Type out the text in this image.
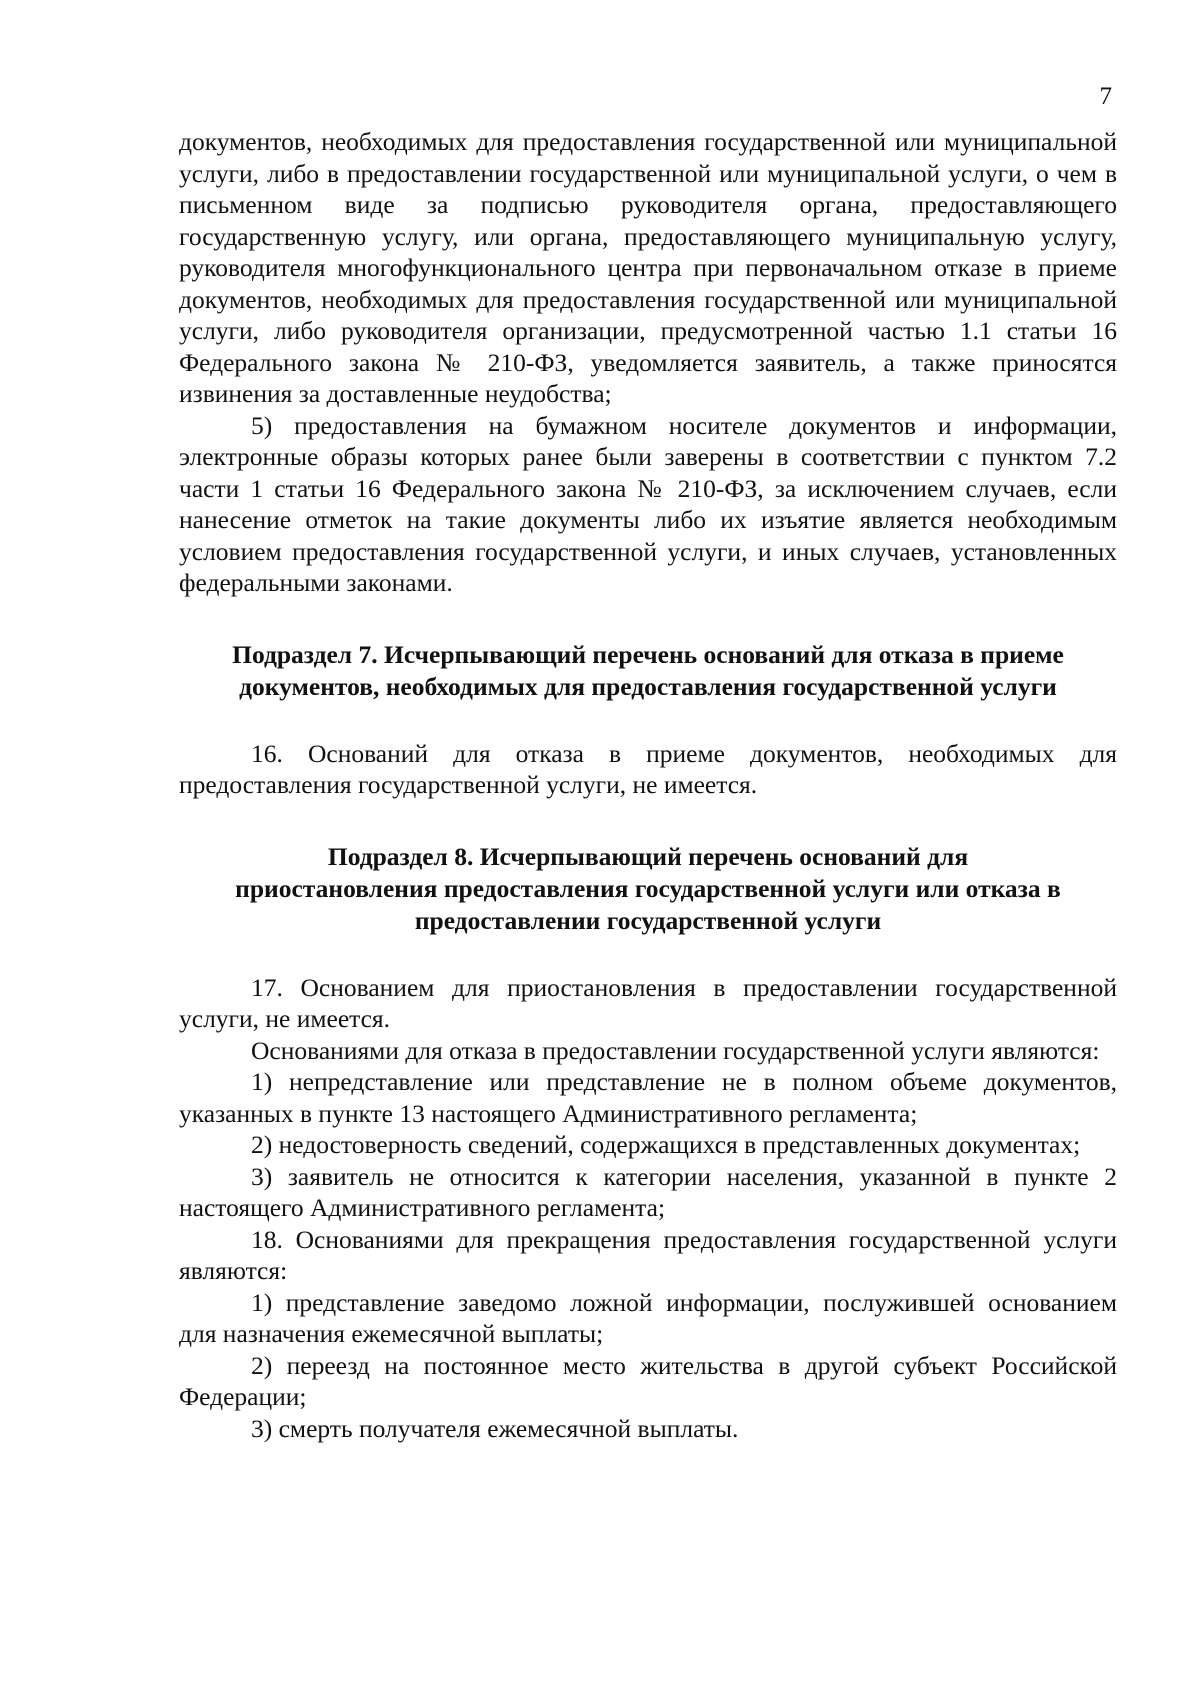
7

документов, необходимых для предоставления государственной или муниципальной услуги, либо в предоставлении государственной или муниципальной услуги, о чем в письменном виде за подписью руководителя органа, предоставляющего государственную услугу, или органа, предоставляющего муниципальную услугу, руководителя многофункционального центра при первоначальном отказе в приеме документов, необходимых для предоставления государственной или муниципальной услуги, либо руководителя организации, предусмотренной частью 1.1 статьи 16 Федерального закона № 210-ФЗ, уведомляется заявитель, а также приносятся извинения за доставленные неудобства;

5) предоставления на бумажном носителе документов и информации, электронные образы которых ранее были заверены в соответствии с пунктом 7.2 части 1 статьи 16 Федерального закона № 210-ФЗ, за исключением случаев, если нанесение отметок на такие документы либо их изъятие является необходимым условием предоставления государственной услуги, и иных случаев, установленных федеральными законами.

Подраздел 7. Исчерпывающий перечень оснований для отказа в приеме

документов, необходимых для предоставления государственной услуги

16. Оснований для отказа в приеме документов, необходимых для предоставления государственной услуги, не имеется.

Подраздел 8. Исчерпывающий перечень оснований для

приостановления предоставления государственной услуги или отказа в

предоставлении государственной услуги

17. Основанием для приостановления в предоставлении государственной услуги, не имеется.

Основаниями для отказа в предоставлении государственной услуги являются:

1) непредставление или представление не в полном объеме документов, указанных в пункте 13 настоящего Административного регламента;

2) недостоверность сведений, содержащихся в представленных документах;

3) заявитель не относится к категории населения, указанной в пункте 2 настоящего Административного регламента;

18. Основаниями для прекращения предоставления государственной услуги являются:

1) представление заведомо ложной информации, послужившей основанием для назначения ежемесячной выплаты;

2) переезд на постоянное место жительства в другой субъект Российской Федерации;

3) смерть получателя ежемесячной выплаты.
